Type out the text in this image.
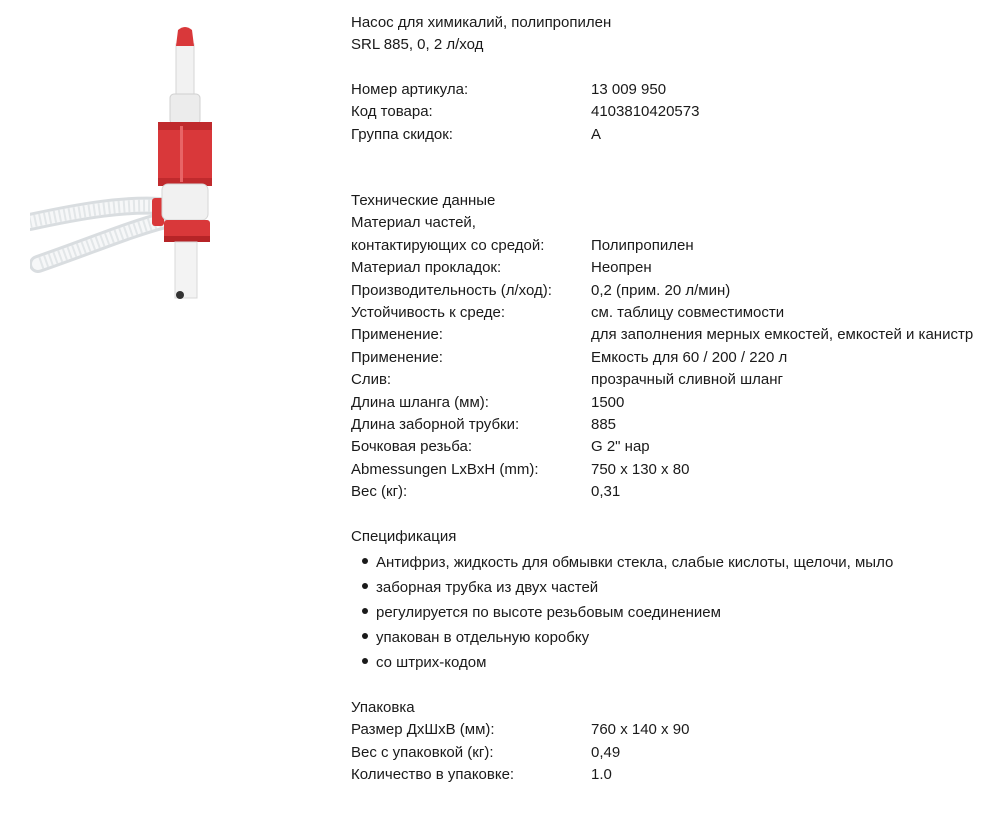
Насос для химикалий, полипропилен
SRL 885, 0, 2 л/ход
Номер артикула:	13 009 950
Код товара:	4103810420573
Группа скидок:	A
Технические данные
Материал частей,
контактирующих со средой:	Полипропилен
Материал прокладок:	Неопрен
Производительность (л/ход):	0,2 (прим. 20 л/мин)
Устойчивость к среде:	см. таблицу совместимости
Применение:	для заполнения мерных емкостей, емкостей и канистр
Применение:	Емкость для 60 / 200 / 220 л
Слив:	прозрачный сливной шланг
Длина шланга (мм):	1500
Длина заборной трубки:	885
Бочковая резьба:	G 2" нар
Abmessungen LxBxH (mm):	750 x 130 x 80
Вес (кг):	0,31
Спецификация
Антифриз, жидкость для обмывки стекла, слабые кислоты, щелочи, мыло
заборная трубка из двух частей
регулируется по высоте резьбовым соединением
упакован в отдельную коробку
со штрих-кодом
Упаковка
Размер ДхШхВ (мм):	760 x 140 x 90
Вес с упаковкой (кг):	0,49
Количество в упаковке:	1.0
